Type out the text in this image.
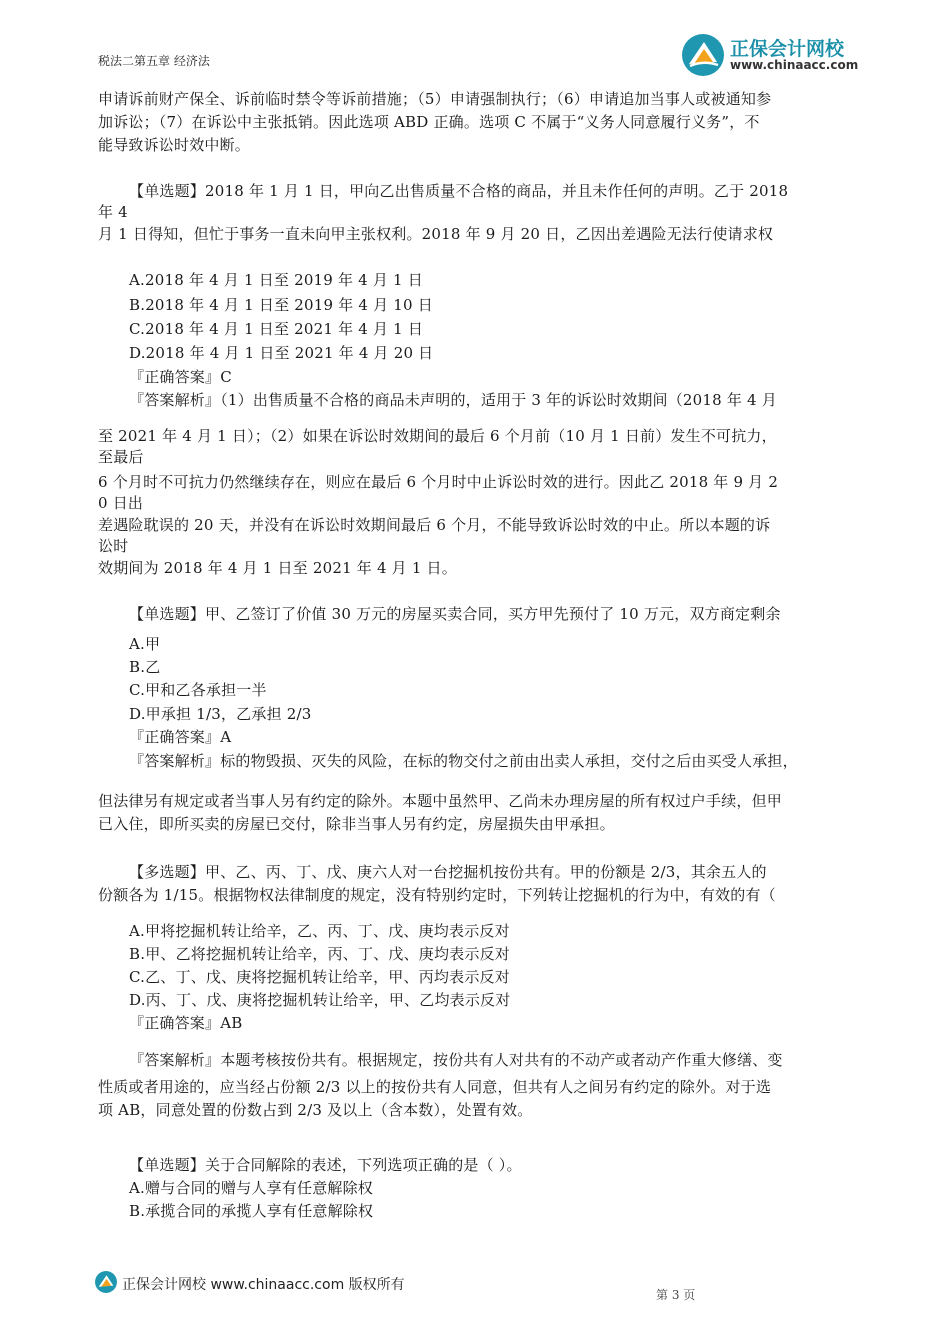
税法二第五章 经济法
正保会计网校
www.chinaacc.com
申请诉前财产保全、诉前临时禁令等诉前措施；（5）申请强制执行；（6）申请追加当事人或被通知参
加诉讼；（7）在诉讼中主张抵销。因此选项 ABD 正确。选项 C 不属于“义务人同意履行义务”，不
能导致诉讼时效中断。
【单选题】2018 年 1 月 1 日，甲向乙出售质量不合格的商品，并且未作任何的声明。乙于 2018
年 4
月 1 日得知，但忙于事务一直未向甲主张权利。2018 年 9 月 20 日，乙因出差遇险无法行使请求权
A.2018 年 4 月 1 日至 2019 年 4 月 1 日
B.2018 年 4 月 1 日至 2019 年 4 月 10 日
C.2018 年 4 月 1 日至 2021 年 4 月 1 日
D.2018 年 4 月 1 日至 2021 年 4 月 20 日
『正确答案』C
『答案解析』（1）出售质量不合格的商品未声明的，适用于 3 年的诉讼时效期间（2018 年 4 月
至 2021 年 4 月 1 日）；（2）如果在诉讼时效期间的最后 6 个月前（10 月 1 日前）发生不可抗力，
至最后
6 个月时不可抗力仍然继续存在，则应在最后 6 个月时中止诉讼时效的进行。因此乙 2018 年 9 月 2
0 日出
差遇险耽误的 20 天，并没有在诉讼时效期间最后 6 个月，不能导致诉讼时效的中止。所以本题的诉
讼时
效期间为 2018 年 4 月 1 日至 2021 年 4 月 1 日。
【单选题】甲、乙签订了价值 30 万元的房屋买卖合同，买方甲先预付了 10 万元，双方商定剩余
A.甲
B.乙
C.甲和乙各承担一半
D.甲承担 1/3，乙承担 2/3
『正确答案』A
『答案解析』标的物毁损、灭失的风险，在标的物交付之前由出卖人承担，交付之后由买受人承担，
但法律另有规定或者当事人另有约定的除外。本题中虽然甲、乙尚未办理房屋的所有权过户手续，但甲
已入住，即所买卖的房屋已交付，除非当事人另有约定，房屋损失由甲承担。
【多选题】甲、乙、丙、丁、戊、庚六人对一台挖掘机按份共有。甲的份额是 2/3，其余五人的
份额各为 1/15。根据物权法律制度的规定，没有特别约定时，下列转让挖掘机的行为中，有效的有（
A.甲将挖掘机转让给辛，乙、丙、丁、戊、庚均表示反对
B.甲、乙将挖掘机转让给辛，丙、丁、戊、庚均表示反对
C.乙、丁、戊、庚将挖掘机转让给辛，甲、丙均表示反对
D.丙、丁、戊、庚将挖掘机转让给辛，甲、乙均表示反对
『正确答案』AB
『答案解析』本题考核按份共有。根据规定，按份共有人对共有的不动产或者动产作重大修缮、变
性质或者用途的，应当经占份额 2/3 以上的按份共有人同意，但共有人之间另有约定的除外。对于选
项 AB，同意处置的份数占到 2/3 及以上（含本数），处置有效。
【单选题】关于合同解除的表述，下列选项正确的是（ ）。
A.赠与合同的赠与人享有任意解除权
B.承揽合同的承揽人享有任意解除权
正保会计网校 www.chinaacc.com 版权所有
第 3 页
